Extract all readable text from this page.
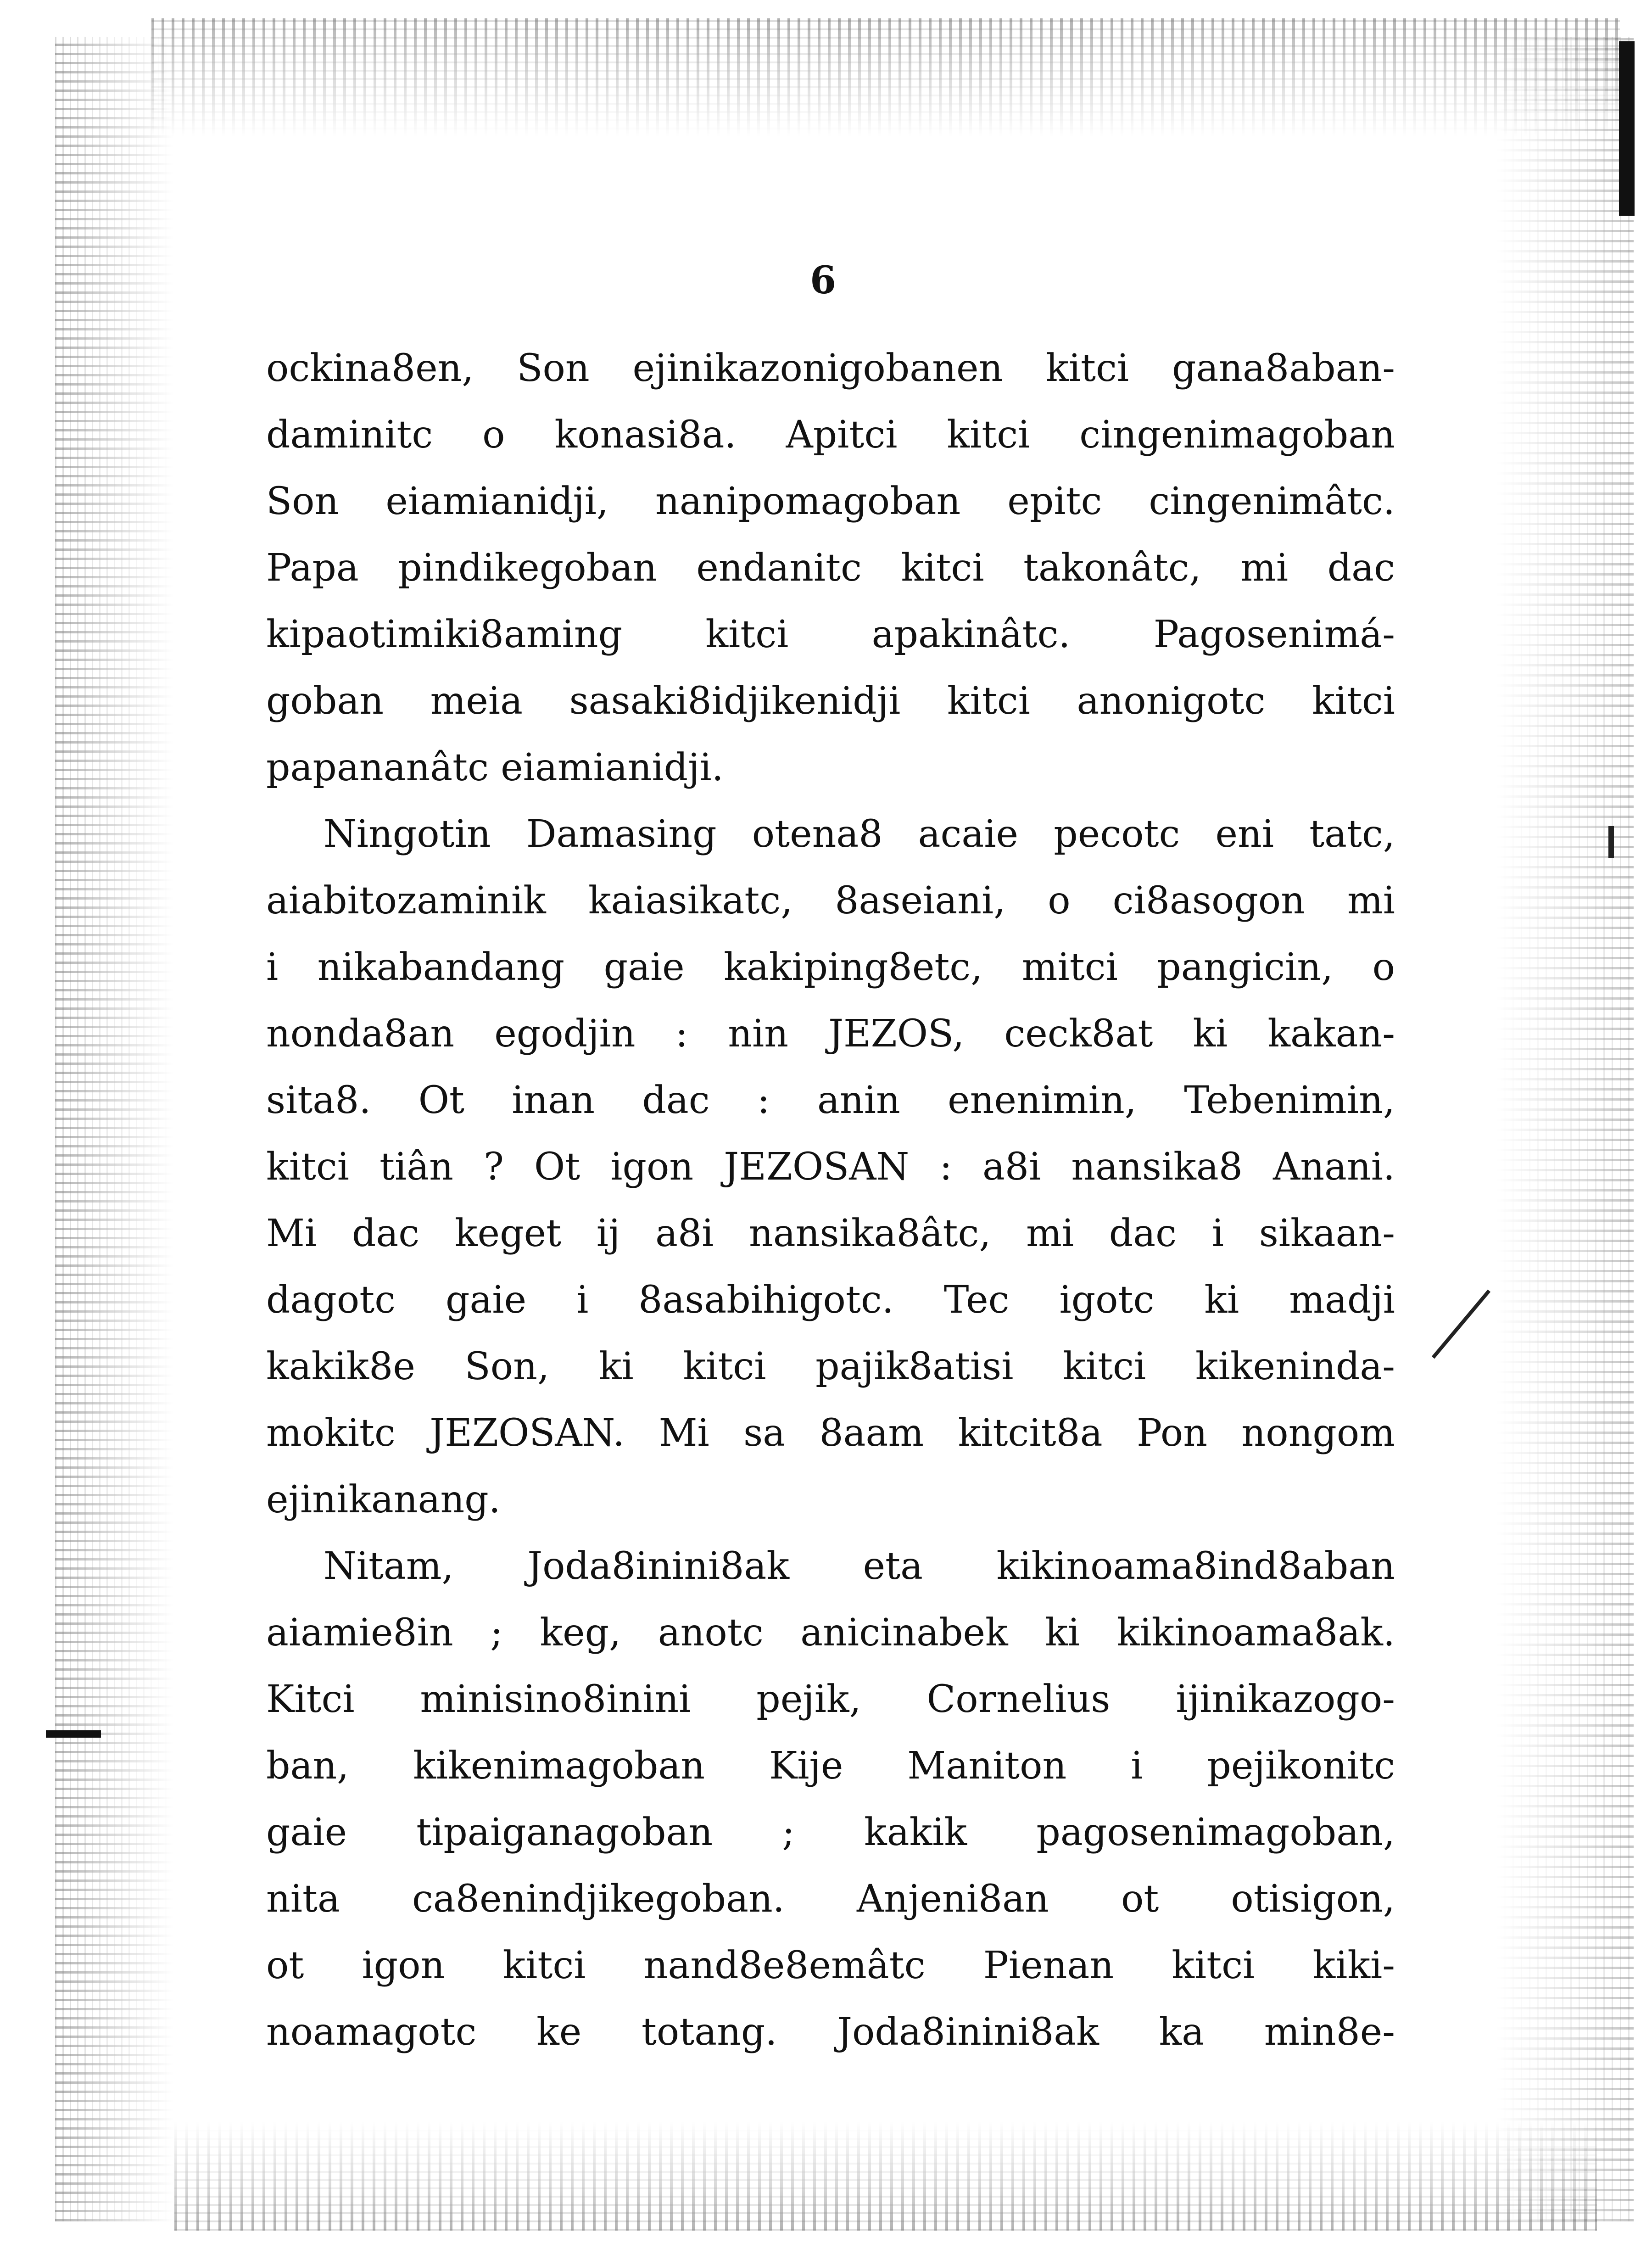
6
ockina8en, Son ejinikazonigobanen kitci gana8aban-
daminitc o konasi8a. Apitci kitci cingenimagoban
Son eiamianidji, nanipomagoban epitc cingenimâtc.
Papa pindikegoban endanitc kitci takonâtc, mi dac
kipaotimiki8aming kitci apakinâtc. Pagosenimá-
goban meia sasaki8idjikenidji kitci anonigotc kitci
papananâtc eiamianidji.
Ningotin Damasing otena8 acaie pecotc eni tatc,
aiabitozaminik kaiasikatc, 8aseiani, o ci8asogon mi
i nikabandang gaie kakiping8etc, mitci pangicin, o
nonda8an egodjin : nin JEZOS, ceck8at ki kakan-
sita8. Ot inan dac : anin enenimin, Tebenimin,
kitci tiân ? Ot igon JEZOSAN : a8i nansika8 Anani.
Mi dac keget ij a8i nansika8âtc, mi dac i sikaan-
dagotc gaie i 8asabihigotc. Tec igotc ki madji
kakik8e Son, ki kitci pajik8atisi kitci kikeninda-
mokitc JEZOSAN. Mi sa 8aam kitcit8a Pon nongom
ejinikanang.
Nitam, Joda8inini8ak eta kikinoama8ind8aban
aiamie8in ; keg, anotc anicinabek ki kikinoama8ak.
Kitci minisino8inini pejik, Cornelius ijinikazogo-
ban, kikenimagoban Kije Maniton i pejikonitc
gaie tipaiganagoban ; kakik pagosenimagoban,
nita ca8enindjikegoban. Anjeni8an ot otisigon,
ot igon kitci nand8e8emâtc Pienan kitci kiki-
noamagotc ke totang. Joda8inini8ak ka min8e-
